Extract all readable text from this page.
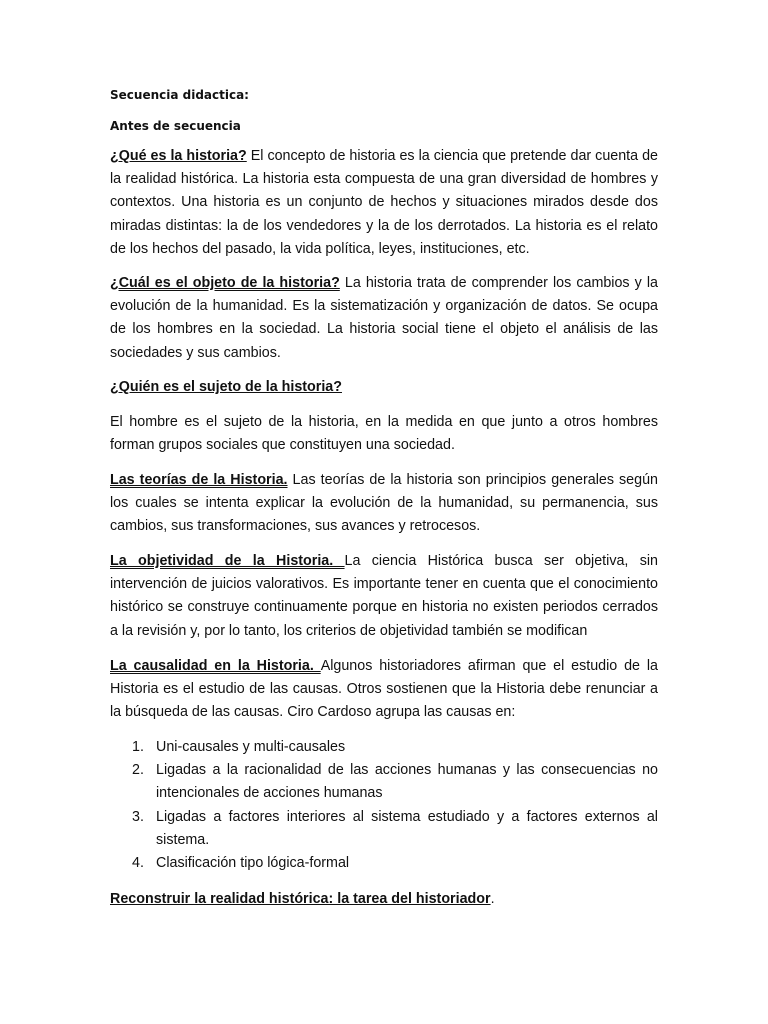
Secuencia didactica:
Antes de secuencia

¿Qué es la historia? El concepto de historia es la ciencia que pretende dar cuenta de la realidad histórica. La historia esta compuesta de una gran diversidad de hombres y contextos. Una historia es un conjunto de hechos y situaciones mirados desde dos miradas distintas: la de los vendedores y la de los derrotados. La historia es el relato de los hechos del pasado, la vida política, leyes, instituciones, etc.

¿Cuál es el objeto de la historia? La historia trata de comprender los cambios y la evolución de la humanidad. Es la sistematización y organización de datos. Se ocupa de los hombres en la sociedad. La historia social tiene el objeto el análisis de las sociedades y sus cambios.

¿Quién es el sujeto de la historia?

El hombre es el sujeto de la historia, en la medida en que junto a otros hombres forman grupos sociales que constituyen una sociedad.

Las teorías de la Historia. Las teorías de la historia son principios generales según los cuales se intenta explicar la evolución de la humanidad, su permanencia, sus cambios, sus transformaciones, sus avances y retrocesos.

La objetividad de la Historia. La ciencia Histórica busca ser objetiva, sin intervención de juicios valorativos. Es importante tener en cuenta que el conocimiento histórico se construye continuamente porque en historia no existen periodos cerrados a la revisión y, por lo tanto, los criterios de objetividad también se modifican

La causalidad en la Historia. Algunos historiadores afirman que el estudio de la Historia es el estudio de las causas. Otros sostienen que la Historia debe renunciar a la búsqueda de las causas. Ciro Cardoso agrupa las causas en:

1. Uni-causales y multi-causales
2. Ligadas a la racionalidad de las acciones humanas y las consecuencias no intencionales de acciones humanas
3. Ligadas a factores interiores al sistema estudiado y a factores externos al sistema.
4. Clasificación tipo lógica-formal

Reconstruir la realidad histórica: la tarea del historiador.
